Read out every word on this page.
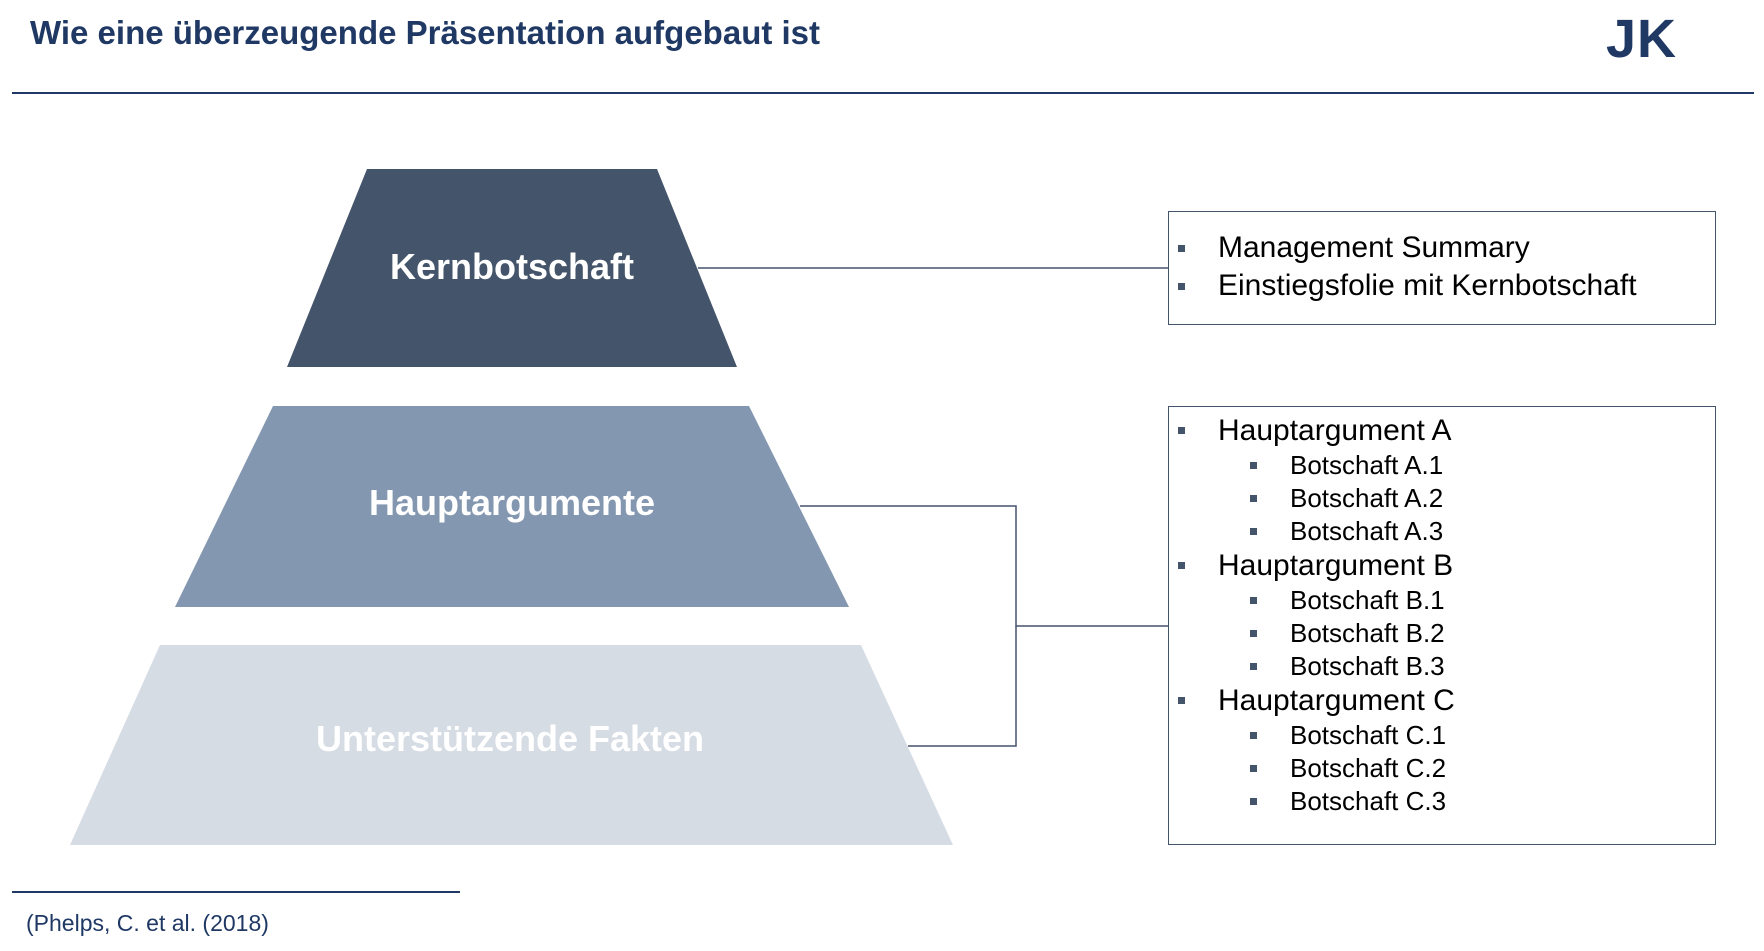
Wie eine überzeugende Präsentation aufgebaut ist	JK
Kernbotschaft
Hauptargumente
Unterstützende Fakten
Management Summary
Einstiegsfolie mit Kernbotschaft
Hauptargument A
Botschaft A.1
Botschaft A.2
Botschaft A.3
Hauptargument B
Botschaft B.1
Botschaft B.2
Botschaft B.3
Hauptargument C
Botschaft C.1
Botschaft C.2
Botschaft C.3
(Phelps, C. et al. (2018)
